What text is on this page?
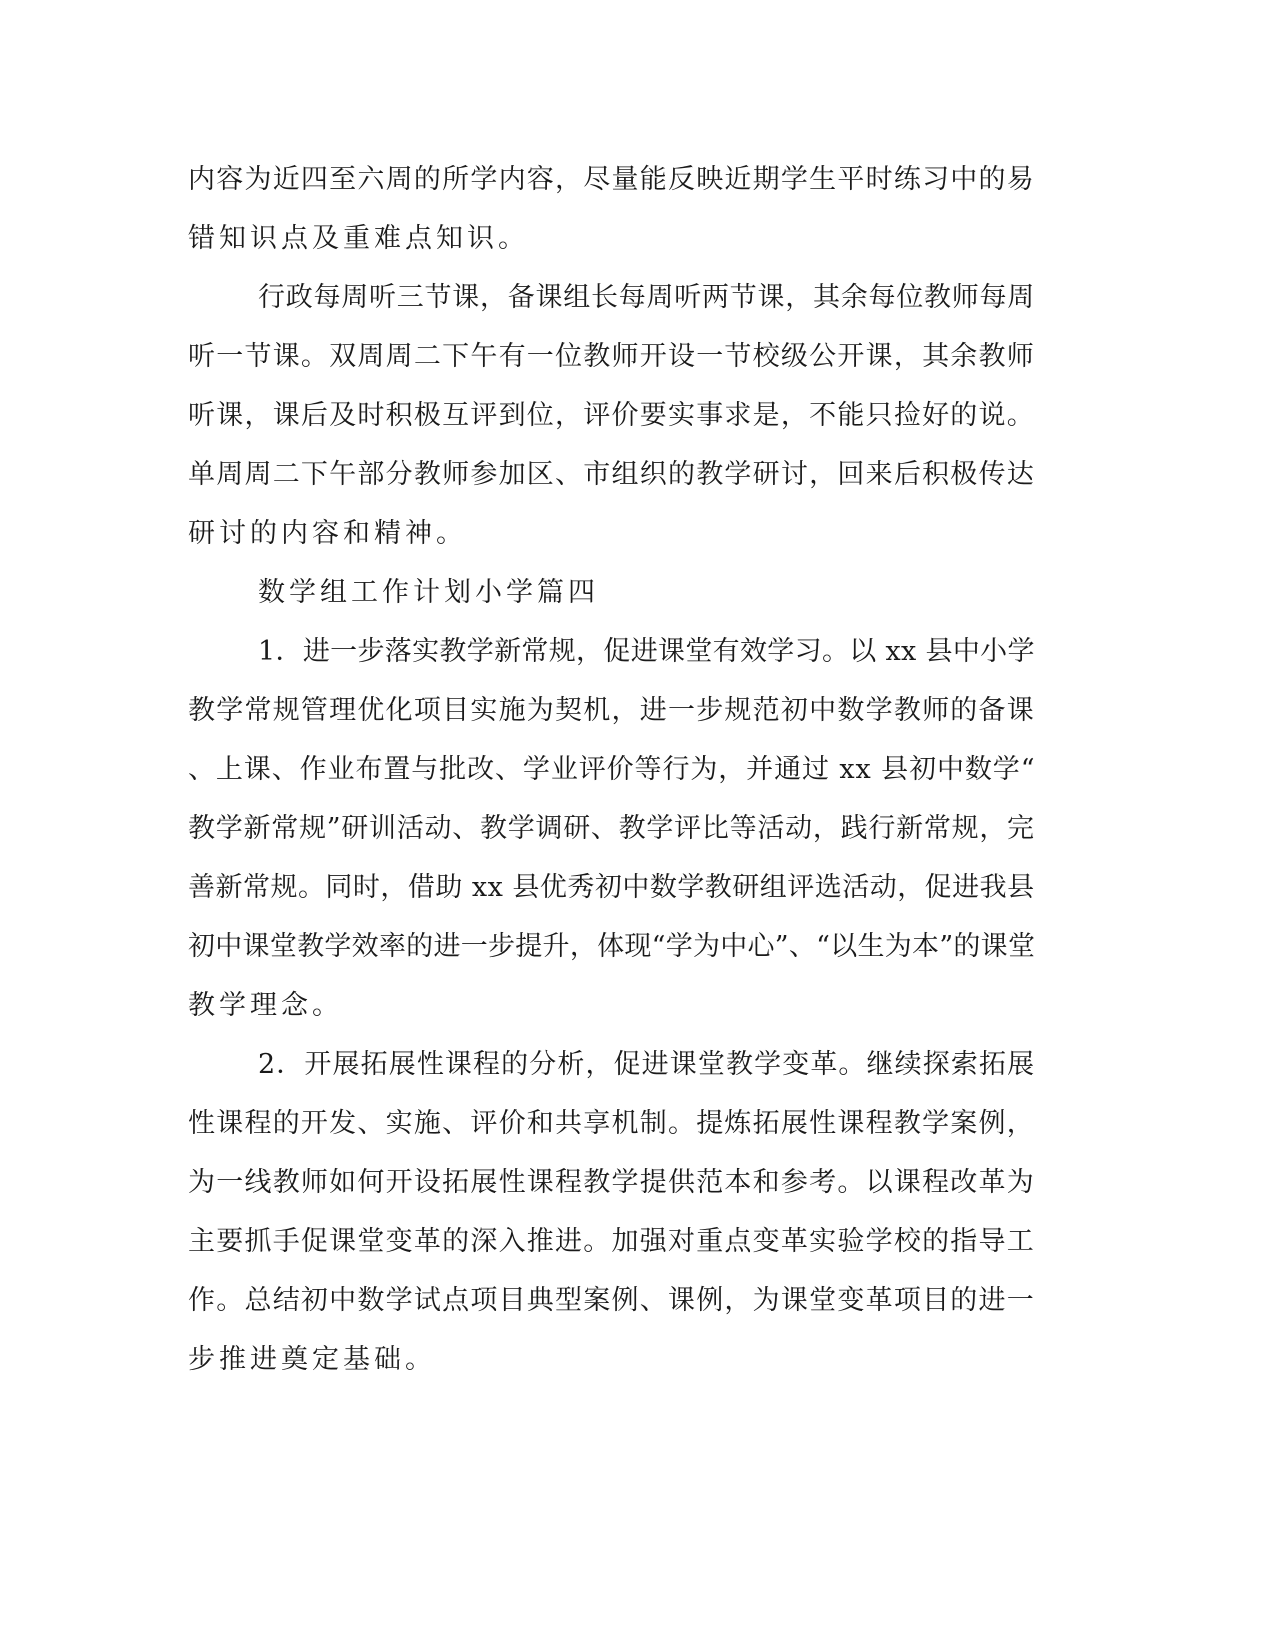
内容为近四至六周的所学内容，尽量能反映近期学生平时练习中的易
错知识点及重难点知识。
行政每周听三节课，备课组长每周听两节课，其余每位教师每周
听一节课。双周周二下午有一位教师开设一节校级公开课，其余教师
听课，课后及时积极互评到位，评价要实事求是，不能只捡好的说。
单周周二下午部分教师参加区、市组织的教学研讨，回来后积极传达
研讨的内容和精神。
数学组工作计划小学篇四
1．进一步落实教学新常规，促进课堂有效学习。以 xx 县中小学
教学常规管理优化项目实施为契机，进一步规范初中数学教师的备课
、上课、作业布置与批改、学业评价等行为，并通过 xx 县初中数学“
教学新常规”研训活动、教学调研、教学评比等活动，践行新常规，完
善新常规。同时，借助 xx 县优秀初中数学教研组评选活动，促进我县
初中课堂教学效率的进一步提升，体现“学为中心”、“以生为本”的课堂
教学理念。
2．开展拓展性课程的分析，促进课堂教学变革。继续探索拓展
性课程的开发、实施、评价和共享机制。提炼拓展性课程教学案例，
为一线教师如何开设拓展性课程教学提供范本和参考。以课程改革为
主要抓手促课堂变革的深入推进。加强对重点变革实验学校的指导工
作。总结初中数学试点项目典型案例、课例，为课堂变革项目的进一
步推进奠定基础。
